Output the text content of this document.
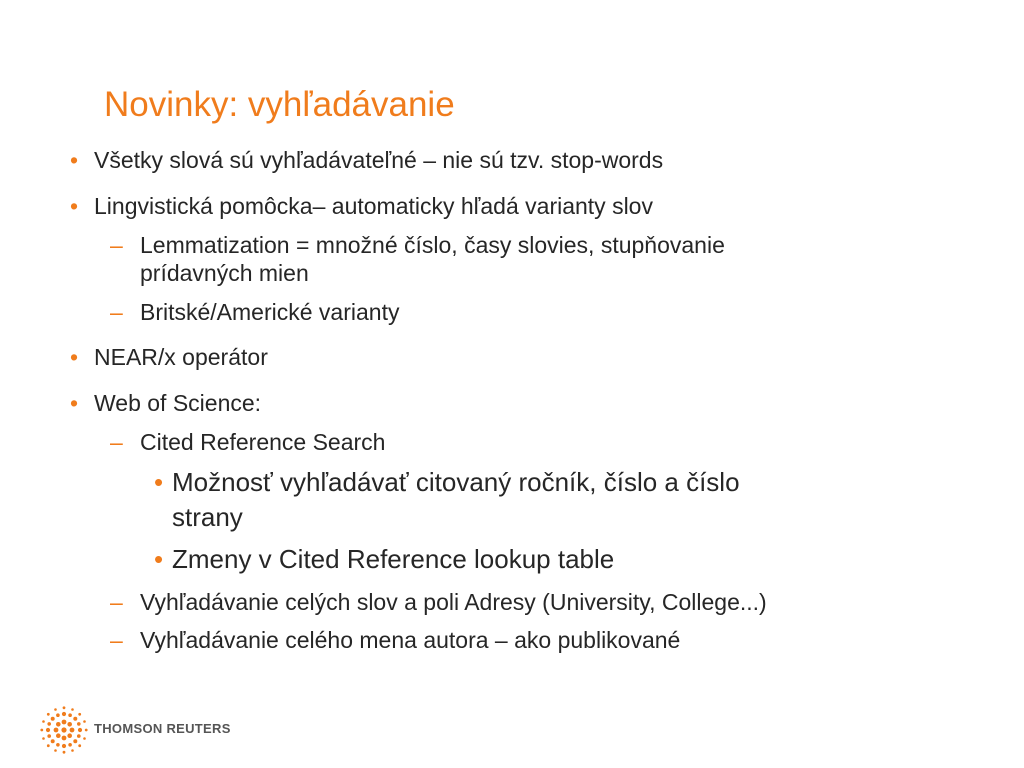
Novinky: vyhľadávanie
• Všetky slová sú vyhľadávateľné – nie sú tzv. stop-words
• Lingvistická pomôcka– automaticky hľadá varianty slov
– Lemmatization = množné číslo, časy slovies, stupňovanie
prídavných mien
– Britské/Americké varianty
• NEAR/x operátor
• Web of Science:
– Cited Reference Search
• Možnosť vyhľadávať citovaný ročník, číslo a číslo
strany
• Zmeny v Cited Reference lookup table
– Vyhľadávanie celých slov a poli Adresy (University, College...)
– Vyhľadávanie celého mena autora – ako publikované
THOMSON REUTERS
